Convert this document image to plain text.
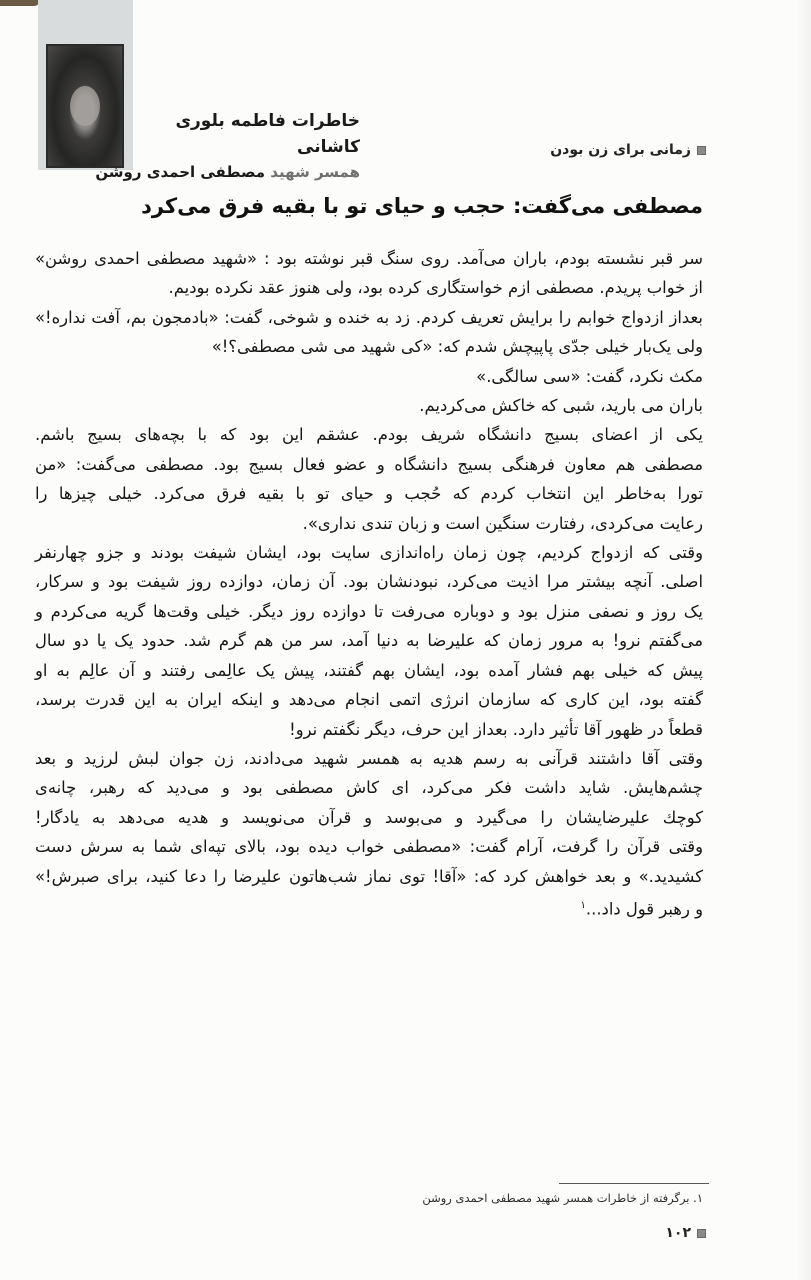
خاطرات فاطمه بلوری کاشانی
همسر شهید مصطفی احمدی روشن
زمانی برای زن بودن
مصطفی می‌گفت: حجب و حیای تو با بقیه فرق می‌کرد
سر قبر نشسته بودم، باران می‌آمد. روی سنگ قبر نوشته بود : «شهید مصطفی احمدی روشن»
از خواب پریدم. مصطفی ازم خواستگاری کرده بود، ولی هنوز عقد نکرده بودیم.
بعداز ازدواج خوابم را برایش تعریف کردم. زد به خنده و شوخی، گفت: «بادمجون بم، آفت نداره!»
ولی یک‌بار خیلی جدّی پاپیچش شدم که: «کی شهید می شی مصطفی؟!»
مکث نکرد، گفت: «سی سالگی.»
باران می بارید، شبی که خاکش می‌کردیم.
یکی از اعضای بسیج دانشگاه شریف بودم. عشقم این بود که با بچه‌های بسیج باشم.
مصطفی هم معاون فرهنگی بسیج دانشگاه و عضو فعال بسیج بود. مصطفی می‌گفت: «من
تورا به‌خاطر این انتخاب کردم که حُجب و حیای تو با بقیه فرق می‌کرد. خیلی چیزها را
رعایت می‌کردی، رفتارت سنگین است و زبان تندی نداری».
وقتی که ازدواج کردیم، چون زمان راه‌اندازی سایت بود، ایشان شیفت بودند و جزو چهارنفر
اصلی. آنچه بیشتر مرا اذیت می‌کرد، نبودنشان بود. آن زمان، دوازده روز شیفت بود و سرکار،
یک روز و نصفی منزل بود و دوباره می‌رفت تا دوازده روز دیگر. خیلی وقت‌ها گریه می‌کردم و
می‌گفتم نرو! به مرور زمان که علیرضا به دنیا آمد، سر من هم گرم شد. حدود یک یا دو سال
پیش که خیلی بهم فشار آمده بود، ایشان بهم گفتند، پیش یک عالِمی رفتند و آن عالِم به او
گفته بود، این کاری که سازمان انرژی اتمی انجام می‌دهد و اینکه ایران به این قدرت برسد،
قطعاً در ظهور آقا تأثیر دارد. بعداز این حرف، دیگر نگفتم نرو!
وقتی آقا داشتند قرآنی به رسم هدیه به همسر شهید می‌دادند، زن جوان لبش لرزید و بعد
چشم‌هایش. شاید داشت فکر می‌کرد، ای کاش مصطفی بود و می‌دید که رهبر، چانه‌ی
کوچك علیرضایشان را می‌گیرد و می‌بوسد و قرآن می‌نویسد و هدیه می‌دهد به یادگار!
وقتی قرآن را گرفت، آرام گفت: «مصطفی خواب دیده بود، بالای تپه‌ای شما به سرش دست
کشیدید.» و بعد خواهش کرد که: «آقا! توی نماز شب‌هاتون علیرضا را دعا کنید، برای صبرش!»
و رهبر قول داد...$^۱$
۱. برگرفته از خاطرات همسر شهید مصطفی احمدی روشن
۱۰۲
